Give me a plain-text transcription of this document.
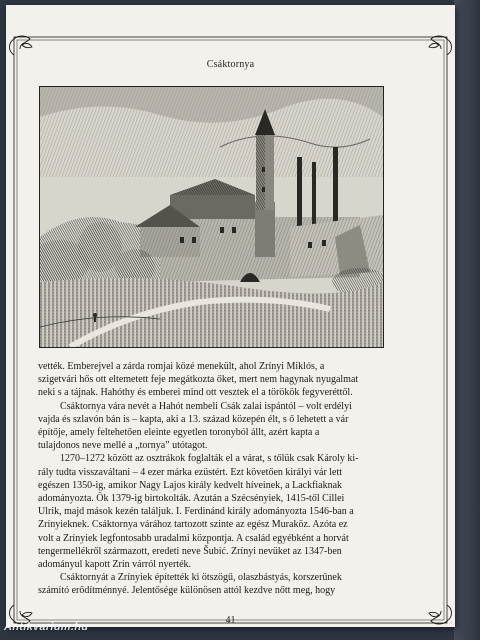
Csáktornya
vették. Emberejvel a zárda romjai közé menekült, ahol Zrínyi Miklós, a
szigetvári hős ott eltemetett feje megátkozta őket, mert nem hagynak nyugalmat
neki s a tájnak. Hahóthy és emberei mind ott vesztek el a törökök fegyveréttől.
Csáktornya vára nevét a Hahót nembeli Csák zalai ispántól – volt erdélyi
vajda és szlavón bán is – kapta, aki a 13. század közepén élt, s ő lehetett a vár
építője, amely feltehetően eleinte egyetlen toronyból állt, azért kapta a
tulajdonos neve mellé a „tornya” utótagot.
1270–1272 között az osztrákok foglalták el a várat, s tőlük csak Károly ki-
rály tudta visszaváltani – 4 ezer márka ezüstért. Ezt követően királyi vár lett
egészen 1350-ig, amikor Nagy Lajos király kedvelt híveinek, a Lackfiaknak
adományozta. Ők 1379-ig birtokolták. Azután a Szécsényiek, 1415-től Cillei
Ulrik, majd mások kezén találjuk. I. Ferdinánd király adományozta 1546-ban a
Zrínyieknek. Csáktornya várához tartozott szinte az egész Muraköz. Azóta ez
volt a Zrínyiek legfontosabb uradalmi központja. A család egyébként a horvát
tengermellékről származott, eredeti neve Šubić. Zrínyi nevüket az 1347-ben
adományul kapott Zrín várról nyerték.
Csáktornyát a Zrínyiek építették ki ötszögű, olaszbástyás, korszerűnek
számító erődítménnyé. Jelentősége különösen attól kezdve nőtt meg, hogy
41
Antikvarium.hu
